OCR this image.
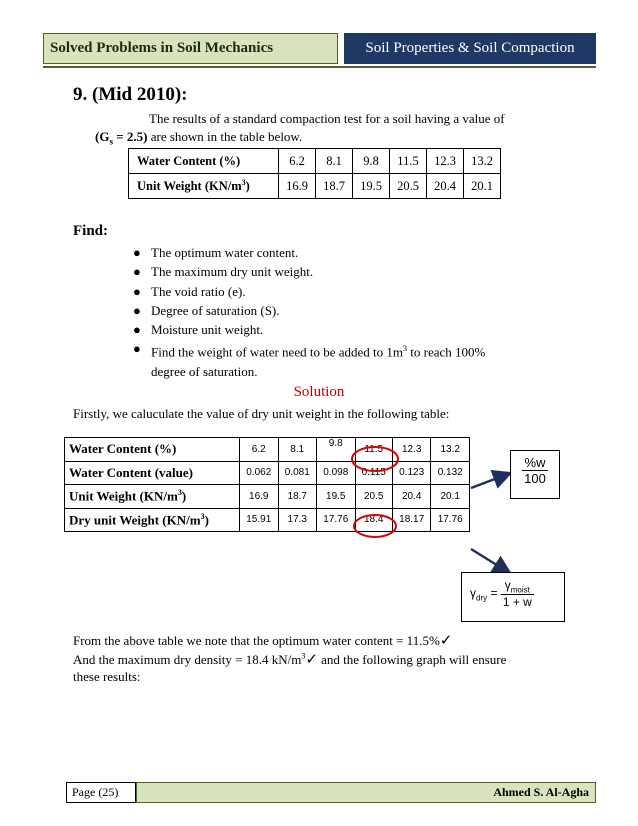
Solved Problems in Soil Mechanics	Soil Properties & Soil Compaction
9. (Mid 2010):
The results of a standard compaction test for a soil having a value of
$(G_s = 2.5)$ are shown in the table below.
Water Content (%)	6.2	8.1	9.8	11.5	12.3	13.2
Unit Weight $(KN/m^3)$	16.9	18.7	19.5	20.5	20.4	20.1
Find:
● The optimum water content.
● The maximum dry unit weight.
● The void ratio (e).
● Degree of saturation (S).
● Moisture unit weight.
● Find the weight of water need to be added to $1m^3$ to reach 100%
degree of saturation.
Solution
Firstly, we caluculate the value of dry unit weight in the following table:
Water Content (%)	6.2	8.1	9.8	11.5	12.3	13.2
Water Content (value)	0.062	0.081	0.098	0.115	0.123	0.132
Unit Weight $(KN/m^3)$	16.9	18.7	19.5	20.5	20.4	20.1
Dry unit Weight $(KN/m^3)$	15.91	17.3	17.76	18.4	18.17	17.76
$\frac{\%w}{100}$
$\gamma_{dry} = \frac{\gamma_{moist}}{1 + w}$
From the above table we note that the optimum water content = 11.5%✓
And the maximum dry density = 18.4 $kN/m^3✓$ and the following graph will ensure
these results:
Page (25)	Ahmed S. Al-Agha
